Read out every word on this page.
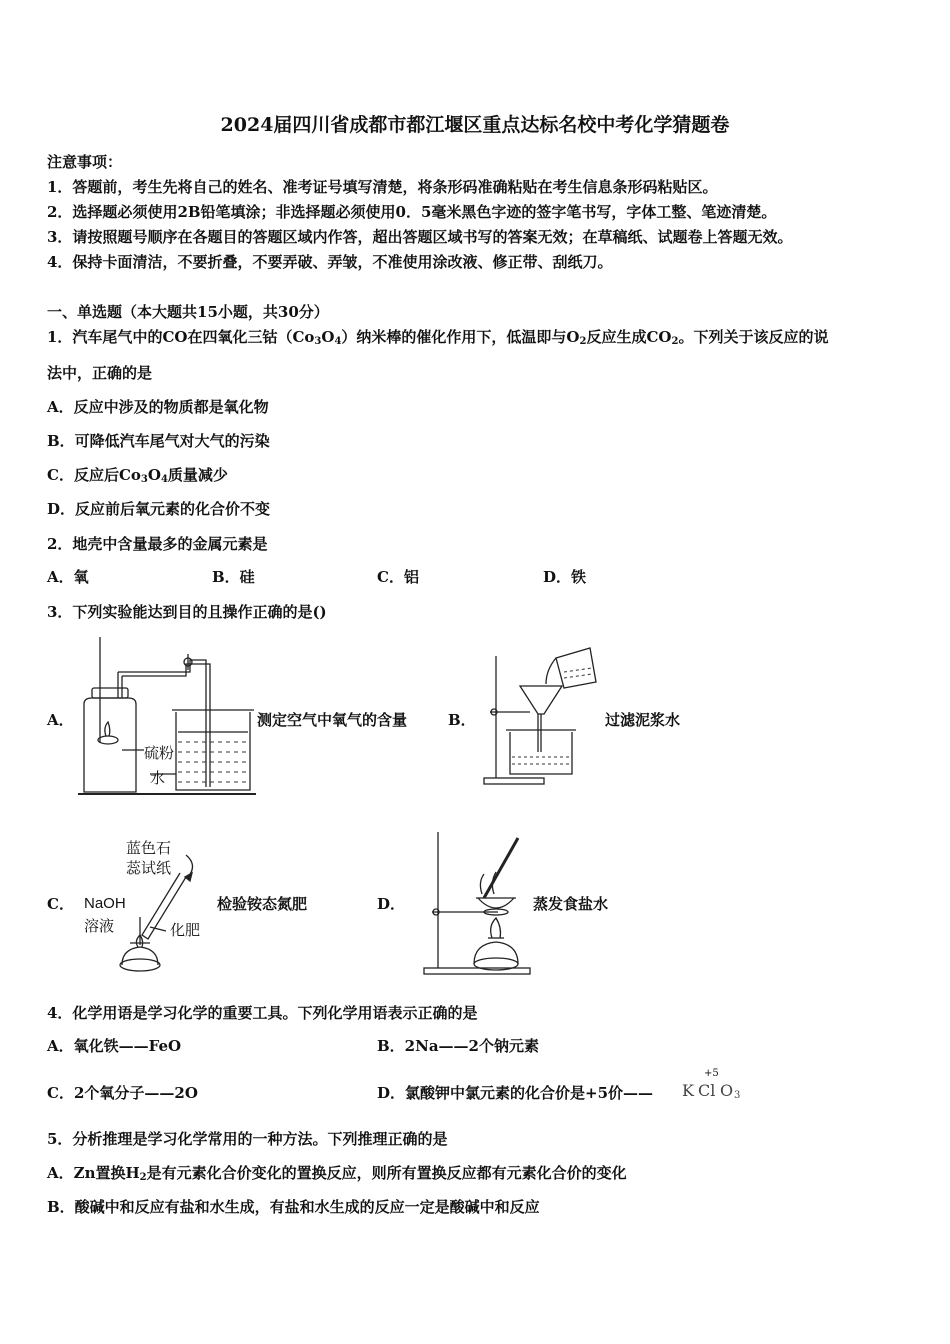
2024届四川省成都市都江堰区重点达标名校中考化学猜题卷
注意事项：
1．答题前，考生先将自己的姓名、准考证号填写清楚，将条形码准确粘贴在考生信息条形码粘贴区。
2．选择题必须使用2B铅笔填涂；非选择题必须使用0．5毫米黑色字迹的签字笔书写，字体工整、笔迹清楚。
3．请按照题号顺序在各题目的答题区域内作答，超出答题区域书写的答案无效；在草稿纸、试题卷上答题无效。
4．保持卡面清洁，不要折叠，不要弄破、弄皱，不准使用涂改液、修正带、刮纸刀。
一、单选题（本大题共15小题，共30分）
1．汽车尾气中的CO在四氧化三钴$(Co_3O_4)$纳米棒的催化作用下，低温即与$O_2$反应生成$CO_2$。下列关于该反应的说
法中，正确的是
A．反应中涉及的物质都是氧化物
B．可降低汽车尾气对大气的污染
C．反应后$Co_3O_4$质量减少
D．反应前后氧元素的化合价不变
2．地壳中含量最多的金属元素是
A．氧	B．硅	C．铝	D．铁
3．下列实验能达到目的且操作正确的是()
A．
硫粉
水
测定空气中氧气的含量	B．	过滤泥浆水
C．
蓝色石
蕊试纸
NaOH
溶液	化肥
检验铵态氮肥	D．	蒸发食盐水
4．化学用语是学习化学的重要工具。下列化学用语表示正确的是
A．氧化铁——FeO	B．2Na——2个钠元素
C．2个氧分子——2O	D．氯酸钾中氯元素的化合价是+5价——
+5
K Cl O 3
5．分析推理是学习化学常用的一种方法。下列推理正确的是
A．Zn置换$H_2$是有元素化合价变化的置换反应，则所有置换反应都有元素化合价的变化
B．酸碱中和反应有盐和水生成，有盐和水生成的反应一定是酸碱中和反应
